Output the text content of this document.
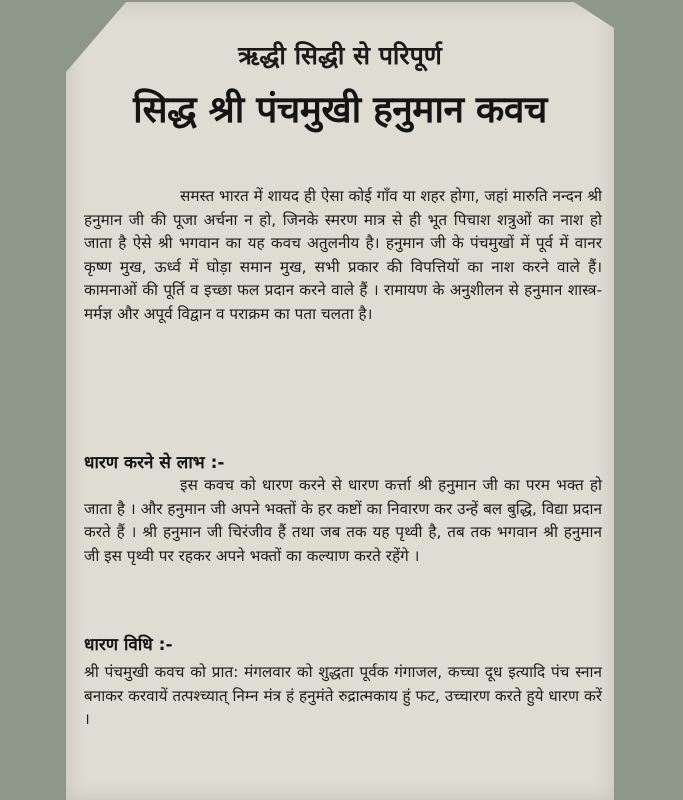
ऋद्धी सिद्धी से परिपूर्ण
सिद्ध श्री पंचमुखी हनुमान कवच
समस्त भारत में शायद ही ऐसा कोई गाँव या शहर होगा, जहां मारुति नन्दन श्री हनुमान जी की पूजा अर्चना न हो, जिनके स्मरण मात्र से ही भूत पिचाश शत्रुओं का नाश हो जाता है ऐसे श्री भगवान का यह कवच अतुलनीय है। हनुमान जी के पंचमुखों में पूर्व में वानर कृष्ण मुख, ऊर्ध्व में घोड़ा समान मुख, सभी प्रकार की विपत्तियों का नाश करने वाले हैं। कामनाओं की पूर्ति व इच्छा फल प्रदान करने वाले हैं । रामायण के अनुशीलन से हनुमान शास्त्र-मर्मज्ञ और अपूर्व विद्वान व पराक्रम का पता चलता है।
धारण करने से लाभ :-
इस कवच को धारण करने से धारण कर्त्ता श्री हनुमान जी का परम भक्त हो जाता है । और हनुमान जी अपने भक्तों के हर कष्टों का निवारण कर उन्हें बल बुद्धि, विद्या प्रदान करते हैं । श्री हनुमान जी चिरंजीव हैं तथा जब तक यह पृथ्वी है, तब तक भगवान श्री हनुमान जी इस पृथ्वी पर रहकर अपने भक्तों का कल्याण करते रहेंगे ।
धारण विधि :-
श्री पंचमुखी कवच को प्रात: मंगलवार को शुद्धता पूर्वक गंगाजल, कच्चा दूध इत्यादि पंच स्नान बनाकर करवायें तत्पश्च्यात् निम्न मंत्र हं हनुमंते रुद्रात्मकाय हुं फट, उच्चारण करते हुये धारण करें ।
